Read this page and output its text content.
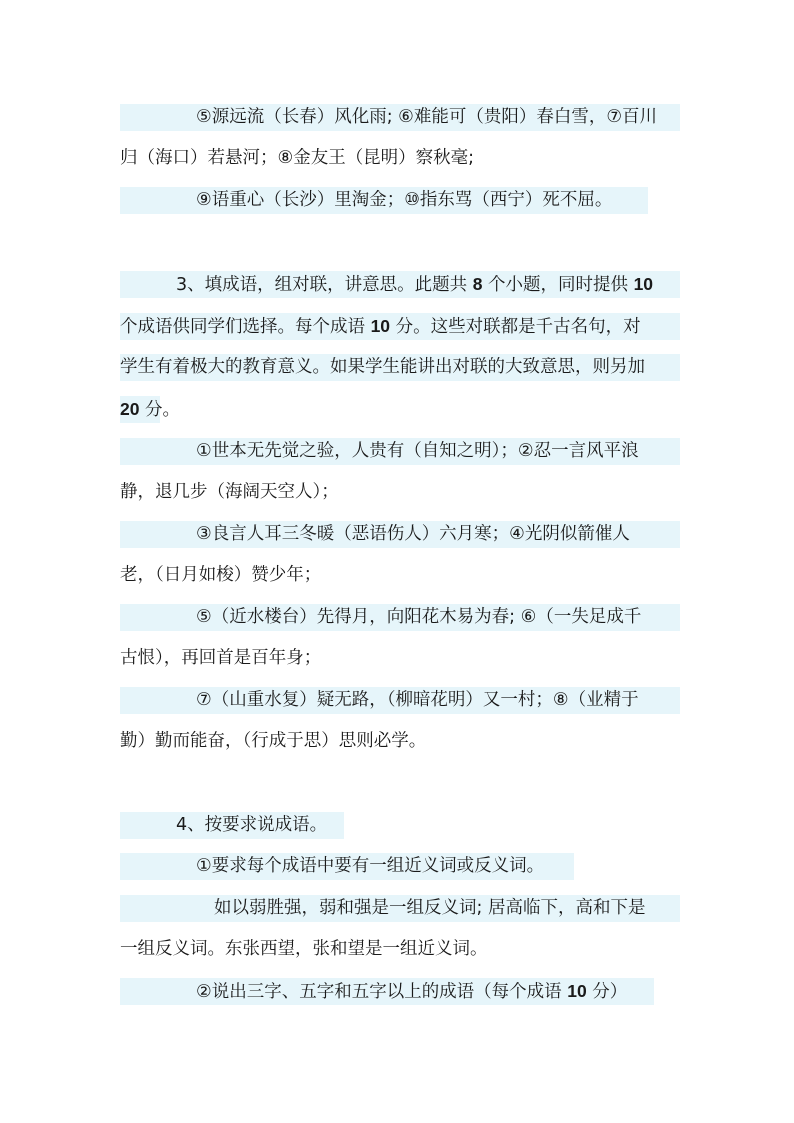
⑤源远流（长春）风化雨; ⑥难能可（贵阳）春白雪，⑦百川
归（海口）若悬河；⑧金友王（昆明）察秋毫;
⑨语重心（长沙）里淘金；⑩指东骂（西宁）死不屈。
3、填成语，组对联，讲意思。此题共 8 个小题，同时提供 10
个成语供同学们选择。每个成语 10 分。这些对联都是千古名句，对
学生有着极大的教育意义。如果学生能讲出对联的大致意思，则另加
20 分。
①世本无先觉之验，人贵有（自知之明）；②忍一言风平浪
静，退几步（海阔天空人）；
③良言人耳三冬暖（恶语伤人）六月寒；④光阴似箭催人
老，（日月如梭）赞少年；
⑤（近水楼台）先得月，向阳花木易为春; ⑥（一失足成千
古恨），再回首是百年身；
⑦（山重水复）疑无路，（柳暗花明）又一村；⑧（业精于
勤）勤而能奋，（行成于思）思则必学。
4、按要求说成语。
①要求每个成语中要有一组近义词或反义词。
如以弱胜强，弱和强是一组反义词; 居高临下，高和下是
一组反义词。东张西望，张和望是一组近义词。
②说出三字、五字和五字以上的成语（每个成语 10 分）
